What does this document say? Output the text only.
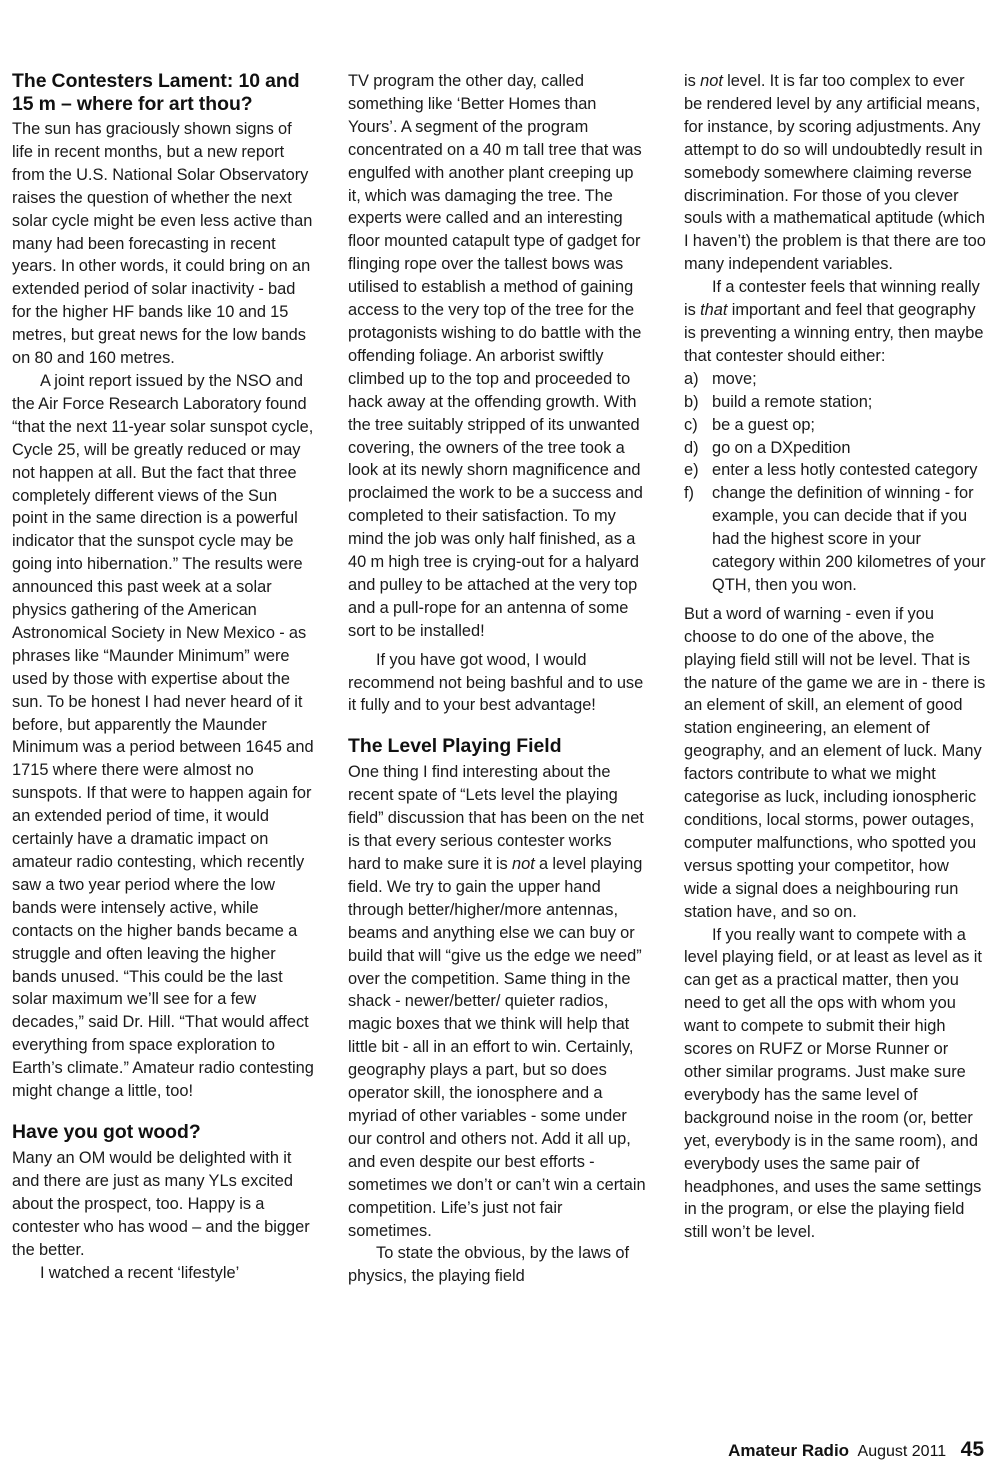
The Contesters Lament: 10 and 15 m – where for art thou?

The sun has graciously shown signs of life in recent months, but a new report from the U.S. National Solar Observatory raises the question of whether the next solar cycle might be even less active than many had been forecasting in recent years. In other words, it could bring on an extended period of solar inactivity - bad for the higher HF bands like 10 and 15 metres, but great news for the low bands on 80 and 160 metres.

A joint report issued by the NSO and the Air Force Research Laboratory found “that the next 11-year solar sunspot cycle, Cycle 25, will be greatly reduced or may not happen at all. But the fact that three completely different views of the Sun point in the same direction is a powerful indicator that the sunspot cycle may be going into hibernation.” The results were announced this past week at a solar physics gathering of the American Astronomical Society in New Mexico - as phrases like “Maunder Minimum” were used by those with expertise about the sun. To be honest I had never heard of it before, but apparently the Maunder Minimum was a period between 1645 and 1715 where there were almost no sunspots. If that were to happen again for an extended period of time, it would certainly have a dramatic impact on amateur radio contesting, which recently saw a two year period where the low bands were intensely active, while contacts on the higher bands became a struggle and often leaving the higher bands unused. “This could be the last solar maximum we’ll see for a few decades,” said Dr. Hill. “That would affect everything from space exploration to Earth’s climate.” Amateur radio contesting might change a little, too!

Have you got wood?

Many an OM would be delighted with it and there are just as many YLs excited about the prospect, too. Happy is a contester who has wood – and the bigger the better.

I watched a recent ‘lifestyle’

TV program the other day, called something like ‘Better Homes than Yours’. A segment of the program concentrated on a 40 m tall tree that was engulfed with another plant creeping up it, which was damaging the tree. The experts were called and an interesting floor mounted catapult type of gadget for flinging rope over the tallest bows was utilised to establish a method of gaining access to the very top of the tree for the protagonists wishing to do battle with the offending foliage. An arborist swiftly climbed up to the top and proceeded to hack away at the offending growth. With the tree suitably stripped of its unwanted covering, the owners of the tree took a look at its newly shorn magnificence and proclaimed the work to be a success and completed to their satisfaction. To my mind the job was only half finished, as a 40 m high tree is crying-out for a halyard and pulley to be attached at the very top and a pull-rope for an antenna of some sort to be installed!

If you have got wood, I would recommend not being bashful and to use it fully and to your best advantage!

The Level Playing Field

One thing I find interesting about the recent spate of “Lets level the playing field” discussion that has been on the net is that every serious contester works hard to make sure it is not a level playing field. We try to gain the upper hand through better/higher/more antennas, beams and anything else we can buy or build that will “give us the edge we need” over the competition. Same thing in the shack - newer/better/ quieter radios, magic boxes that we think will help that little bit - all in an effort to win. Certainly, geography plays a part, but so does operator skill, the ionosphere and a myriad of other variables - some under our control and others not. Add it all up, and even despite our best efforts - sometimes we don’t or can’t win a certain competition. Life’s just not fair sometimes.

To state the obvious, by the laws of physics, the playing field

is not level. It is far too complex to ever be rendered level by any artificial means, for instance, by scoring adjustments. Any attempt to do so will undoubtedly result in somebody somewhere claiming reverse discrimination. For those of you clever souls with a mathematical aptitude (which I haven’t) the problem is that there are too many independent variables.

If a contester feels that winning really is that important and feel that geography is preventing a winning entry, then maybe that contester should either:

a) move;
b) build a remote station;
c) be a guest op;
d) go on a DXpedition
e) enter a less hotly contested category
f)	change the definition of winning - for example, you can decide that if you had the highest score in your category within 200 kilometres of your QTH, then you won.

But a word of warning - even if you choose to do one of the above, the playing field still will not be level. That is the nature of the game we are in - there is an element of skill, an element of good station engineering, an element of geography, and an element of luck. Many factors contribute to what we might categorise as luck, including ionospheric conditions, local storms, power outages, computer malfunctions, who spotted you versus spotting your competitor, how wide a signal does a neighbouring run station have, and so on.

If you really want to compete with a level playing field, or at least as level as it can get as a practical matter, then you need to get all the ops with whom you want to compete to submit their high scores on RUFZ or Morse Runner or other similar programs. Just make sure everybody has the same level of background noise in the room (or, better yet, everybody is in the same room), and everybody uses the same pair of headphones, and uses the same settings in the program, or else the playing field still won’t be level.

Amateur Radio August 2011 45
